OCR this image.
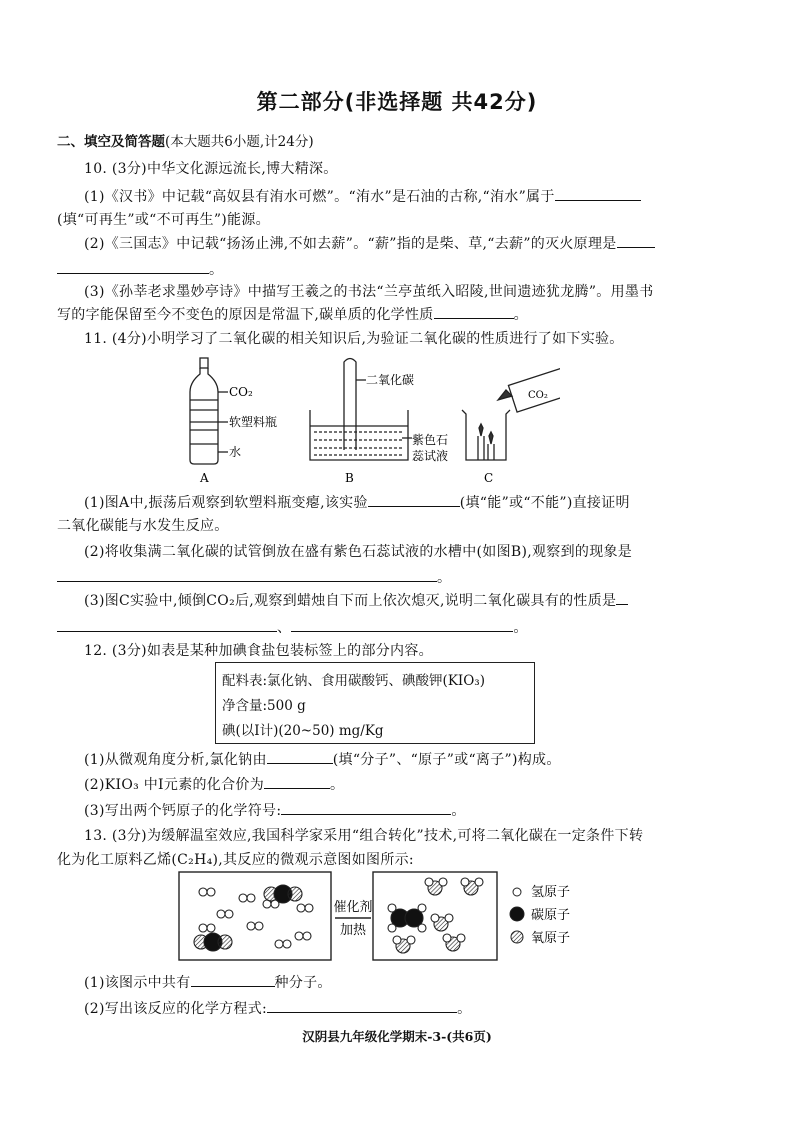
第二部分(非选择题 共42分)
二、填空及简答题(本大题共6小题,计24分)
10. (3分)中华文化源远流长,博大精深。
(1)《汉书》中记载“高奴县有洧水可燃”。“洧水”是石油的古称,“洧水”属于
(填“可再生”或“不可再生”)能源。
(2)《三国志》中记载“扬汤止沸,不如去薪”。“薪”指的是柴、草,“去薪”的灭火原理是
。
(3)《孙莘老求墨妙亭诗》中描写王羲之的书法“兰亭茧纸入昭陵,世间遗迹犹龙腾”。用墨书
写的字能保留至今不变色的原因是常温下,碳单质的化学性质	。
11. (4分)小明学习了二氧化碳的相关知识后,为验证二氧化碳的性质进行了如下实验。
CO₂
软塑料瓶
水
A
二氧化碳
紫色石
蕊试液
B
CO₂
C
(1)图A中,振荡后观察到软塑料瓶变瘪,该实验	(填“能”或“不能”)直接证明
二氧化碳能与水发生反应。
(2)将收集满二氧化碳的试管倒放在盛有紫色石蕊试液的水槽中(如图B),观察到的现象是
。
(3)图C实验中,倾倒CO₂后,观察到蜡烛自下而上依次熄灭,说明二氧化碳具有的性质是
、	。
12. (3分)如表是某种加碘食盐包装标签上的部分内容。
配料表:氯化钠、食用碳酸钙、碘酸钾(KIO₃)
净含量:500 g
碘(以I计)(20~50) mg/Kg
(1)从微观角度分析,氯化钠由	(填“分子”、“原子”或“离子”)构成。
(2)KIO₃ 中I元素的化合价为	。
(3)写出两个钙原子的化学符号:	。
13. (3分)为缓解温室效应,我国科学家采用“组合转化”技术,可将二氧化碳在一定条件下转
化为化工原料乙烯(C₂H₄),其反应的微观示意图如图所示:
催化剂
加热
氢原子
碳原子
氧原子
(1)该图示中共有	种分子。
(2)写出该反应的化学方程式:	。
汉阴县九年级化学期末-3-(共6页)
